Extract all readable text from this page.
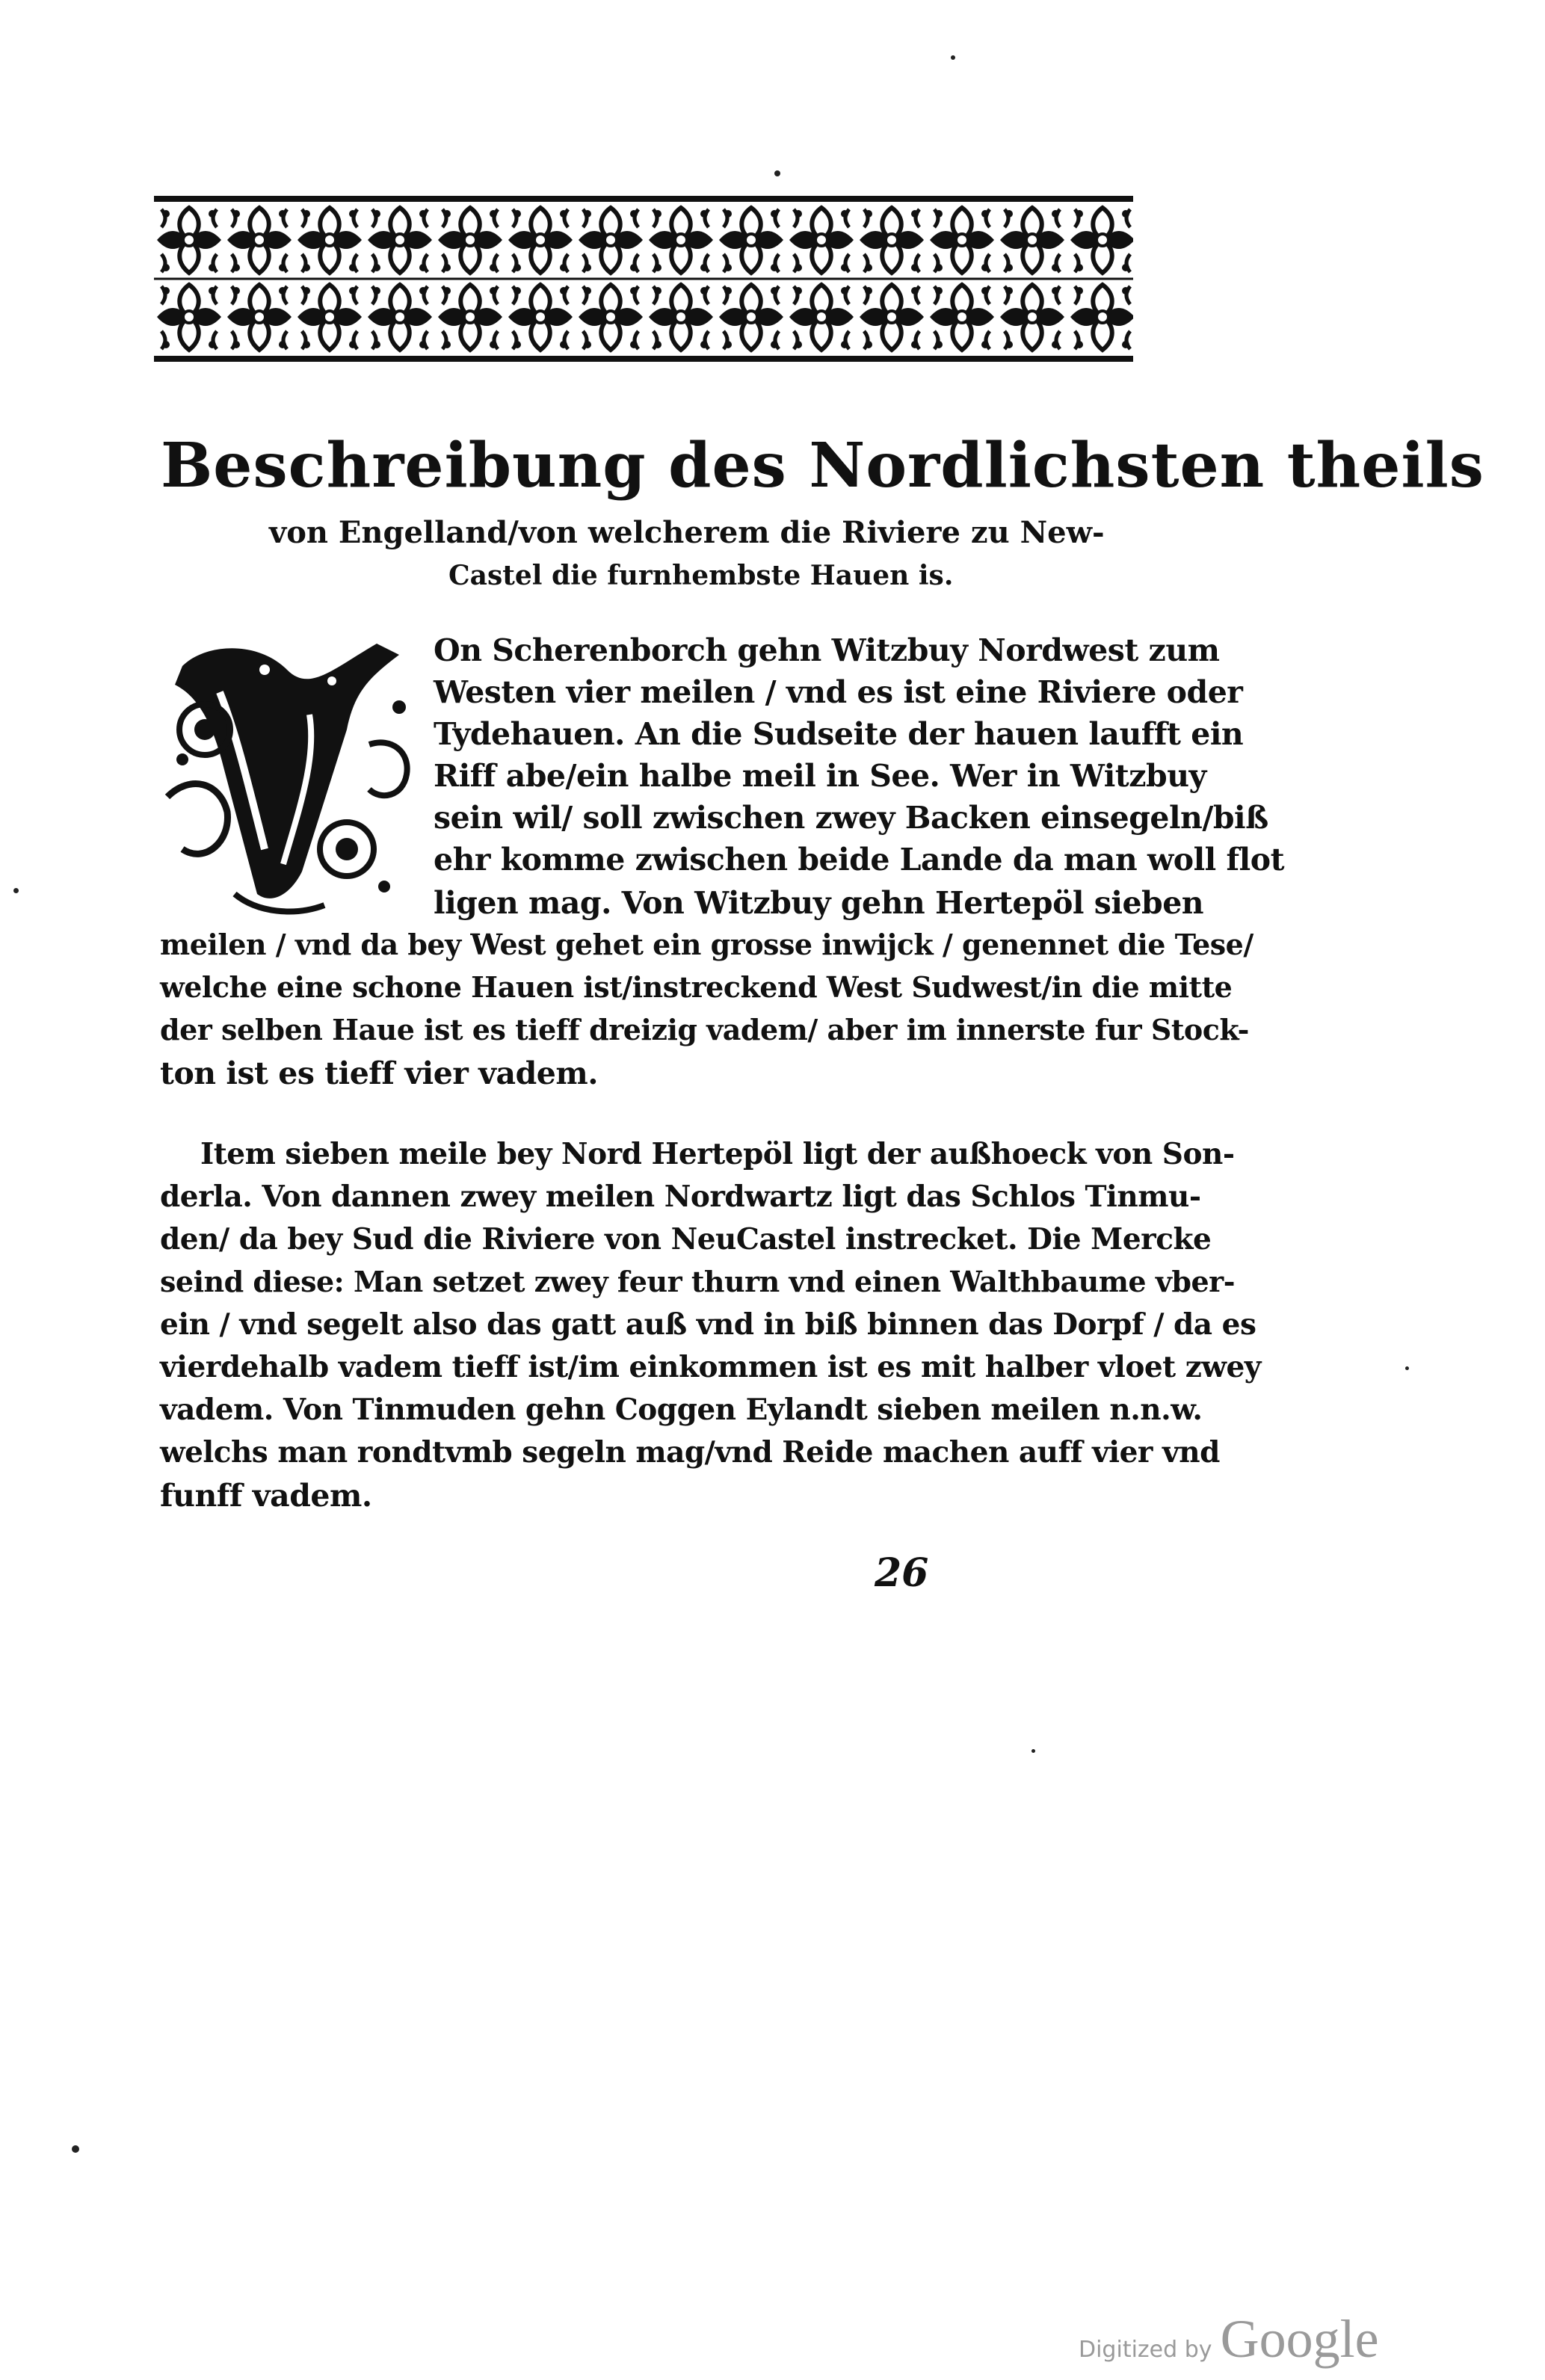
Beschreibung des Nordlichsten theils
von Engelland/von welcherem die Riviere zu New-
Castel die furnhembste Hauen is.
On Scherenborch gehn Witzbuy Nordwest zum
Westen vier meilen / vnd es ist eine Riviere oder
Tydehauen. An die Sudseite der hauen laufft ein
Riff abe/ein halbe meil in See. Wer in Witzbuy
sein wil/ soll zwischen zwey Backen einsegeln/biß
ehr komme zwischen beide Lande da man woll flot
ligen mag. Von Witzbuy gehn Hertepöl sieben
meilen / vnd da bey West gehet ein grosse inwijck / genennet die Tese/
welche eine schone Hauen ist/instreckend West Sudwest/in die mitte
der selben Haue ist es tieff dreizig vadem/ aber im innerste fur Stock-
ton ist es tieff vier vadem.
Item sieben meile bey Nord Hertepöl ligt der außhoeck von Son-
derla. Von dannen zwey meilen Nordwartz ligt das Schlos Tinmu-
den/ da bey Sud die Riviere von NeuCastel instrecket. Die Mercke
seind diese: Man setzet zwey feur thurn vnd einen Walthbaume vber-
ein / vnd segelt also das gatt auß vnd in biß binnen das Dorpf / da es
vierdehalb vadem tieff ist/im einkommen ist es mit halber vloet zwey
vadem. Von Tinmuden gehn Coggen Eylandt sieben meilen n.n.w.
welchs man rondtvmb segeln mag/vnd Reide machen auff vier vnd
funff vadem.
26
Digitized by Google
